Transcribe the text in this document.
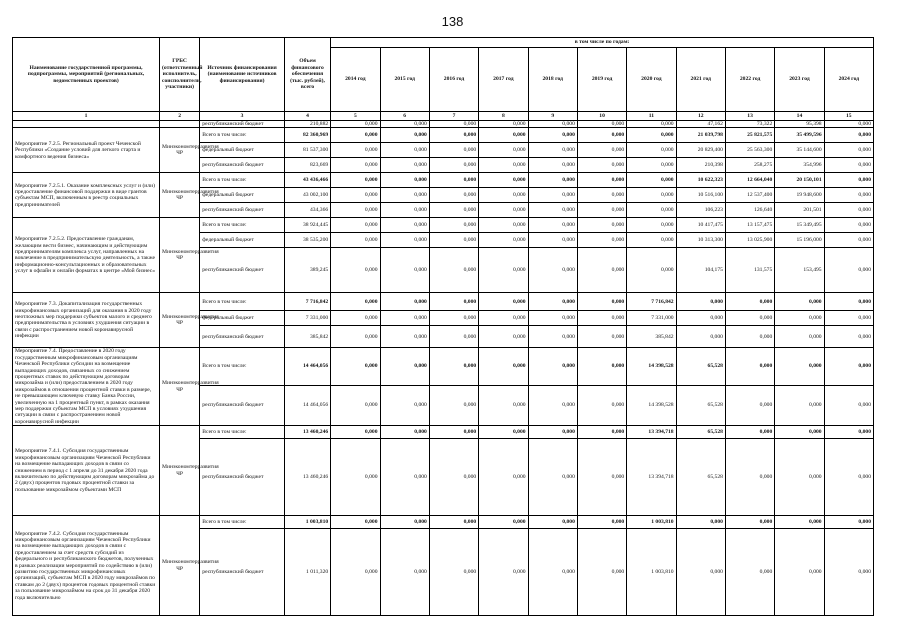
138
Наименование государственной программы, подпрограммы, мероприятий (региональных, ведомственных проектов)	ГРБС (ответственный исполнитель, соисполнители, участники)	Источник финансирования (наименование источников финансирования)	Объем финансового обеспечения (тыс. рублей), всего	в том числе по годам:										
				2014 год	2015 год	2016 год	2017 год	2018 год	2019 год	2020 год	2021 год	2022 год	2023 год	2024 год
1	2	3	4	5	6	7	8	9	10	11	12	13	14	15
		республиканский бюджет	210,882	0,000	0,000	0,000	0,000	0,000	0,000	0,000	47,162	73,322	95,398	0,000
Мероприятие 7.2.5. Региональный проект Чеченской Республики «Создание условий для легкого старта и комфортного ведения бизнеса»	Минэкономтерразвития ЧР	Всего в том числе:	82 360,969	0,000	0,000	0,000	0,000	0,000	0,000	0,000	21 039,798	25 821,575	35 499,596	0,000
		федеральный бюджет	81 537,300	0,000	0,000	0,000	0,000	0,000	0,000	0,000	20 829,400	25 563,300	35 144,600	0,000
		республиканский бюджет	823,669	0,000	0,000	0,000	0,000	0,000	0,000	0,000	210,398	258,275	354,996	0,000
Мероприятие 7.2.5.1. Оказание комплексных услуг и (или) предоставление финансовой поддержки в виде грантов субъектам МСП, включенным в реестр социальных предпринимателей	Минэкономтерразвития ЧР	Всего в том числе:	43 436,466	0,000	0,000	0,000	0,000	0,000	0,000	0,000	10 622,323	12 664,040	20 150,101	0,000
		федеральный бюджет	43 002,100	0,000	0,000	0,000	0,000	0,000	0,000	0,000	10 516,100	12 537,400	19 948,600	0,000
		республиканский бюджет	434,366	0,000	0,000	0,000	0,000	0,000	0,000	0,000	106,223	126,640	201,501	0,000
Мероприятие 7.2.5.2. Предоставление гражданам, желающим вести бизнес, начинающим и действующим предпринимателям комплекса услуг, направленных на вовлечение в предпринимательскую деятельность, а также информационно-консультационных и образовательных услуг в офлайн и онлайн форматах в центре «Мой бизнес»	Минэкономтерразвития ЧР	Всего в том числе:	38 924,445	0,000	0,000	0,000	0,000	0,000	0,000	0,000	10 417,475	13 157,475	15 349,495	0,000
		федеральный бюджет	38 535,200	0,000	0,000	0,000	0,000	0,000	0,000	0,000	10 313,300	13 025,900	15 196,000	0,000
		республиканский бюджет	389,245	0,000	0,000	0,000	0,000	0,000	0,000	0,000	104,175	131,575	153,495	0,000
Мероприятие 7.3. Докапитализация государственных микрофинансовых организаций для оказания в 2020 году неотложных мер поддержки субъектов малого и среднего предпринимательства в условиях ухудшения ситуации в связи с распространением новой коронавирусной инфекции	Минэкономтерразвития ЧР	Всего в том числе:	7 716,842	0,000	0,000	0,000	0,000	0,000	0,000	7 716,842	0,000	0,000	0,000	0,000
		федеральный бюджет	7 331,000	0,000	0,000	0,000	0,000	0,000	0,000	7 331,000	0,000	0,000	0,000	0,000
		республиканский бюджет	385,842	0,000	0,000	0,000	0,000	0,000	0,000	385,842	0,000	0,000	0,000	0,000
Мероприятие 7.4. Предоставление в 2020 году государственным микрофинансовым организациям Чеченской Республики субсидии на возмещение выпадающих доходов, связанных со снижением процентных ставок по действующим договорам микрозайма и (или) предоставлением в 2020 году микрозаймов в отношении процентной ставки в размере, не превышающем ключевую ставку Банка России, увеличенную на 1 процентный пункт, в рамках оказания мер поддержки субъектам МСП в условиях ухудшения ситуации в связи с распространением новой коронавирусной инфекции	Минэкономтерразвития ЧР	Всего в том числе:	14 464,056	0,000	0,000	0,000	0,000	0,000	0,000	14 398,528	65,528	0,000	0,000	0,000
		республиканский бюджет	14 464,056	0,000	0,000	0,000	0,000	0,000	0,000	14 398,528	65,528	0,000	0,000	0,000
Мероприятие 7.4.1. Субсидия государственным микрофинансовым организациям Чеченской Республики на возмещение выпадающих доходов в связи со снижением в период с 1 апреля до 31 декабря 2020 года включительно по действующим договорам микрозайма до 2 (двух) процентов годовых процентной ставки за пользование микрозаймом субъектами МСП	Минэкономтерразвития ЧР	Всего в том числе:	13 460,246	0,000	0,000	0,000	0,000	0,000	0,000	13 394,718	65,528	0,000	0,000	0,000
		республиканский бюджет	13 460,246	0,000	0,000	0,000	0,000	0,000	0,000	13 394,718	65,528	0,000	0,000	0,000
Мероприятие 7.4.2. Субсидия государственным микрофинансовым организациям Чеченской Республики на возмещение выпадающих доходов в связи с предоставлением за счет средств субсидий из федерального и республиканского бюджетов, полученных в рамках реализации мероприятий по содействию в (или) развитию государственных микрофинансовых организаций, субъектам МСП в 2020 году микрозаймов по ставкам до 2 (двух) процентов годовых процентной ставки за пользование микрозаймом на срок до 31 декабря 2020 года включительно	Минэкономтерразвития ЧР	Всего в том числе:	1 003,810	0,000	0,000	0,000	0,000	0,000	0,000	1 003,810	0,000	0,000	0,000	0,000
		республиканский бюджет	1 011,320	0,000	0,000	0,000	0,000	0,000	0,000	1 003,810	0,000	0,000	0,000	0,000
